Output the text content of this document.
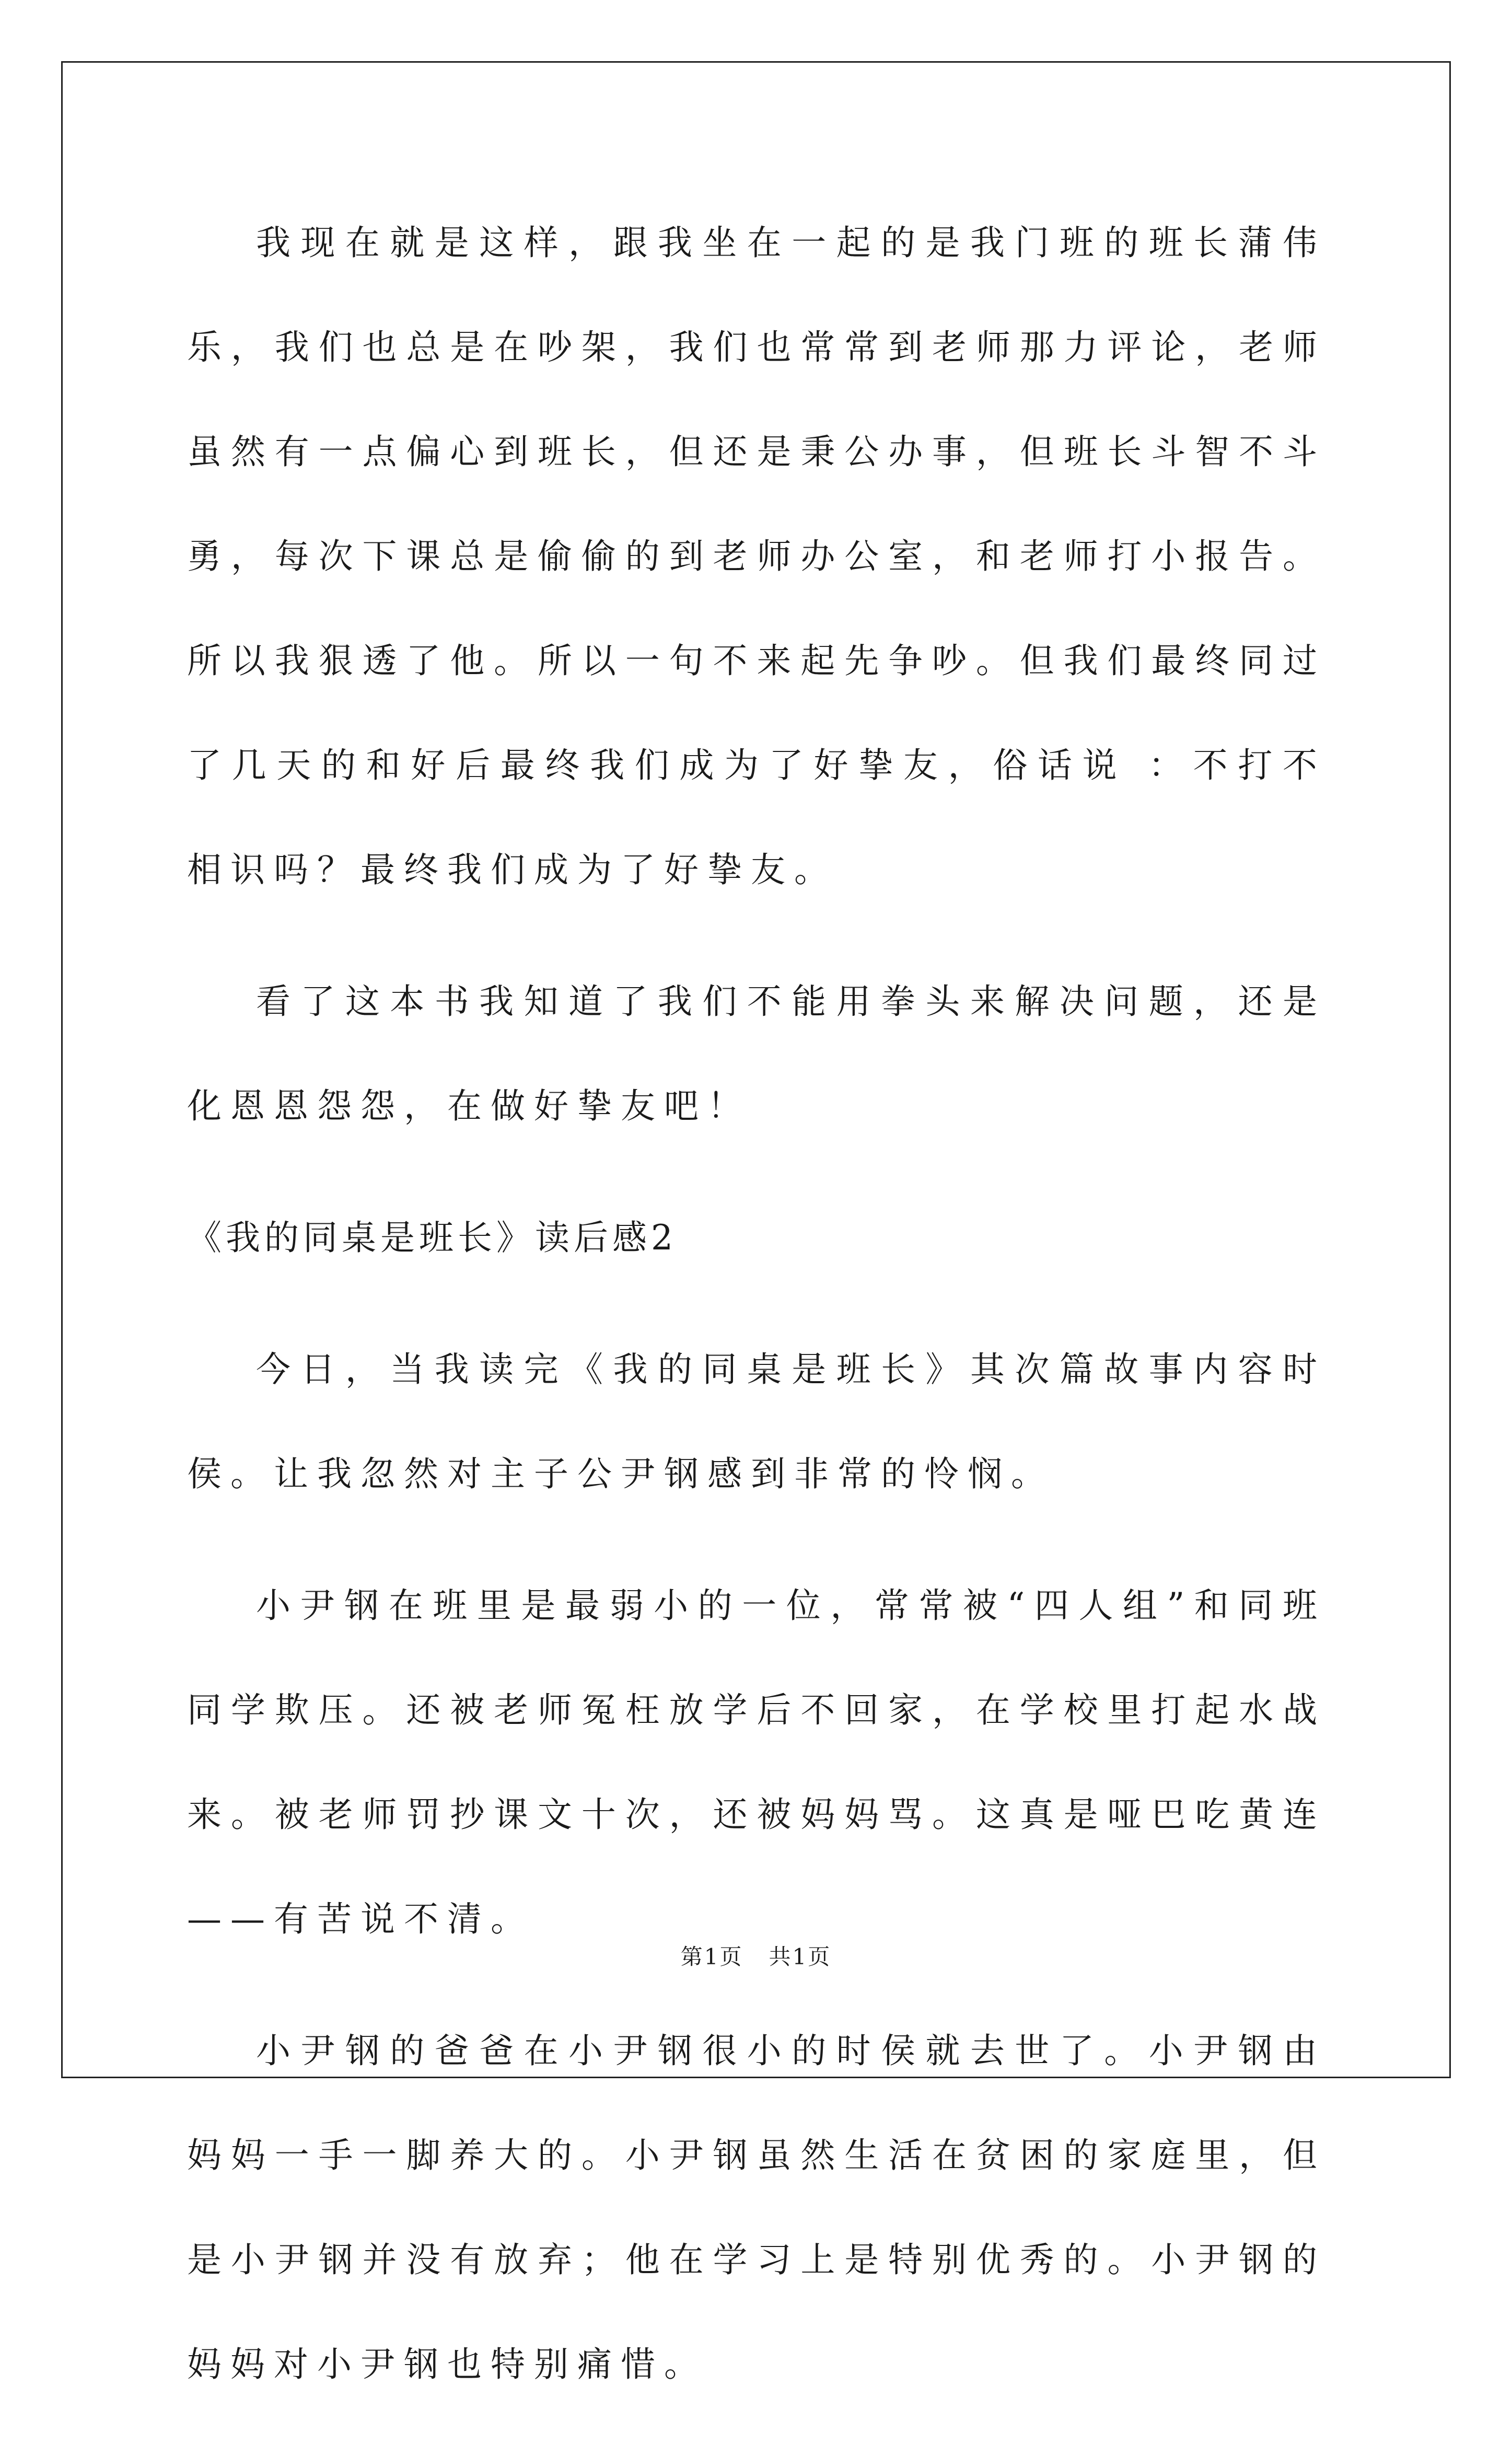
我现在就是这样，跟我坐在一起的是我门班的班长蒲伟乐，我们也总是在吵架，我们也常常到老师那力评论，老师虽然有一点偏心到班长，但还是秉公办事，但班长斗智不斗勇，每次下课总是偷偷的到老师办公室，和老师打小报告。所以我狠透了他。所以一句不来起先争吵。但我们最终同过了几天的和好后最终我们成为了好挚友，俗话说 ：不打不相识吗？最终我们成为了好挚友。

看了这本书我知道了我们不能用拳头来解决问题，还是化恩恩怨怨，在做好挚友吧！

《我的同桌是班长》读后感2

今日，当我读完《我的同桌是班长》其次篇故事内容时侯。让我忽然对主子公尹钢感到非常的怜悯。

小尹钢在班里是最弱小的一位，常常被“四人组”和同班同学欺压。还被老师冤枉放学后不回家，在学校里打起水战来。被老师罚抄课文十次，还被妈妈骂。这真是哑巴吃黄连——有苦说不清。

小尹钢的爸爸在小尹钢很小的时侯就去世了。小尹钢由妈妈一手一脚养大的。小尹钢虽然生活在贫困的家庭里，但是小尹钢并没有放弃；他在学习上是特别优秀的。小尹钢的妈妈对小尹钢也特别痛惜。

第1页   共1页
